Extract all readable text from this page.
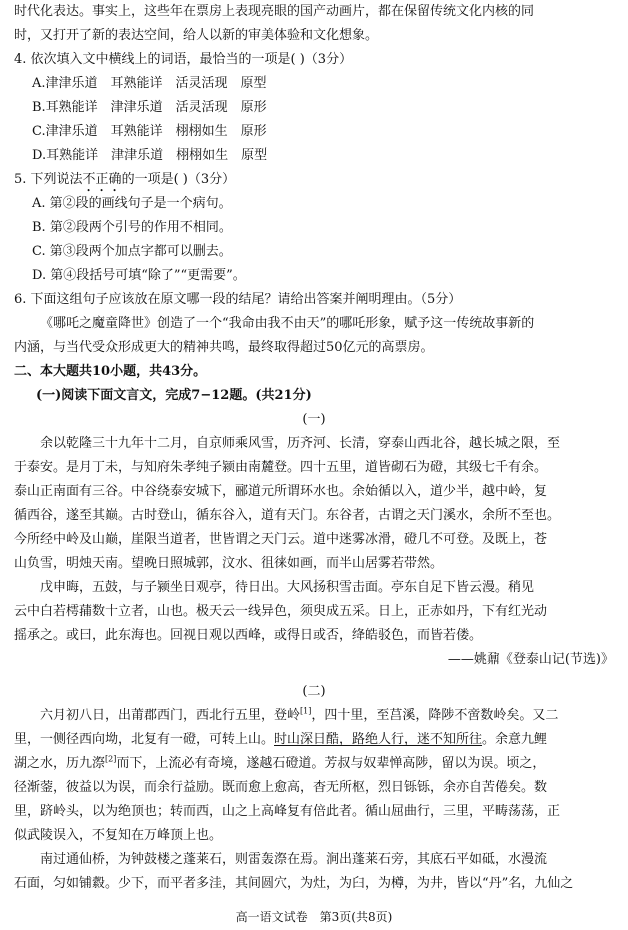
时代化表达。事实上，这些年在票房上表现亮眼的国产动画片，都在保留传统文化内核的同
时，又打开了新的表达空间，给人以新的审美体验和文化想象。
4. 依次填入文中横线上的词语，最恰当的一项是( )（3分）
A.津津乐道　耳熟能详　活灵活现　原型
B.耳熟能详　津津乐道　活灵活现　原形
C.津津乐道　耳熟能详　栩栩如生　原形
D.耳熟能详　津津乐道　栩栩如生　原型
5. 下列说法不正确的一项是( )（3分）
A. 第②段的画线句子是一个病句。
B. 第②段两个引号的作用不相同。
C. 第③段两个加点字都可以删去。
D. 第④段括号可填“除了”“更需要”。
6. 下面这组句子应该放在原文哪一段的结尾？请给出答案并阐明理由。（5分）
《哪吒之魔童降世》创造了一个“我命由我不由天”的哪吒形象，赋予这一传统故事新的
内涵，与当代受众形成更大的精神共鸣，最终取得超过50亿元的高票房。
二、本大题共10小题，共43分。
(一)阅读下面文言文，完成7−12题。(共21分)
(一)
余以乾隆三十九年十二月，自京师乘风雪，历齐河、长清，穿泰山西北谷，越长城之限，至
于泰安。是月丁未，与知府朱孝纯子颍由南麓登。四十五里，道皆砌石为磴，其级七千有余。
泰山正南面有三谷。中谷绕泰安城下，郦道元所谓环水也。余始循以入，道少半，越中岭，复
循西谷，遂至其巅。古时登山，循东谷入，道有天门。东谷者，古谓之天门溪水，余所不至也。
今所经中岭及山巅，崖限当道者，世皆谓之天门云。道中迷雾冰滑，磴几不可登。及既上，苍
山负雪，明烛天南。望晚日照城郭，汶水、徂徕如画，而半山居雾若带然。
戊申晦，五鼓，与子颍坐日观亭，待日出。大风扬积雪击面。亭东自足下皆云漫。稍见
云中白若樗蒱数十立者，山也。极天云一线异色，须臾成五采。日上，正赤如丹，下有红光动
摇承之。或曰，此东海也。回视日观以西峰，或得日或否，绛皓驳色，而皆若偻。
——姚鼐《登泰山记(节选)》
(二)
六月初八日，出莆郡西门，西北行五里，登岭[1]，四十里，至莒溪，降陟不啻数岭矣。又二
里，一侧径西向坳，北复有一磴，可转上山。时山深日酷，路绝人行，迷不知所往。余意九鲤
湖之水，历九漈[2]而下，上流必有奇境，遂越石磴道。芳叔与奴辈惮高陟，留以为误。顷之，
径渐蓥，彼益以为误，而余行益励。既而愈上愈高，杳无所枢，烈日铄铄，余亦自苦倦矣。数
里，跻岭头，以为绝顶也；转而西，山之上高峰复有倍此者。循山屈曲行，三里，平畴荡荡，正
似武陵误入，不复知在万峰顶上也。
南过通仙桥，为钟鼓楼之蓬莱石，则雷轰漈在焉。涧出蓬莱石旁，其底石平如砥，水漫流
石面，匀如铺縠。少下，而平者多洼，其间圆穴，为灶，为臼，为樽，为井，皆以“丹”名，九仙之
高一语文试卷　第3页(共8页)
